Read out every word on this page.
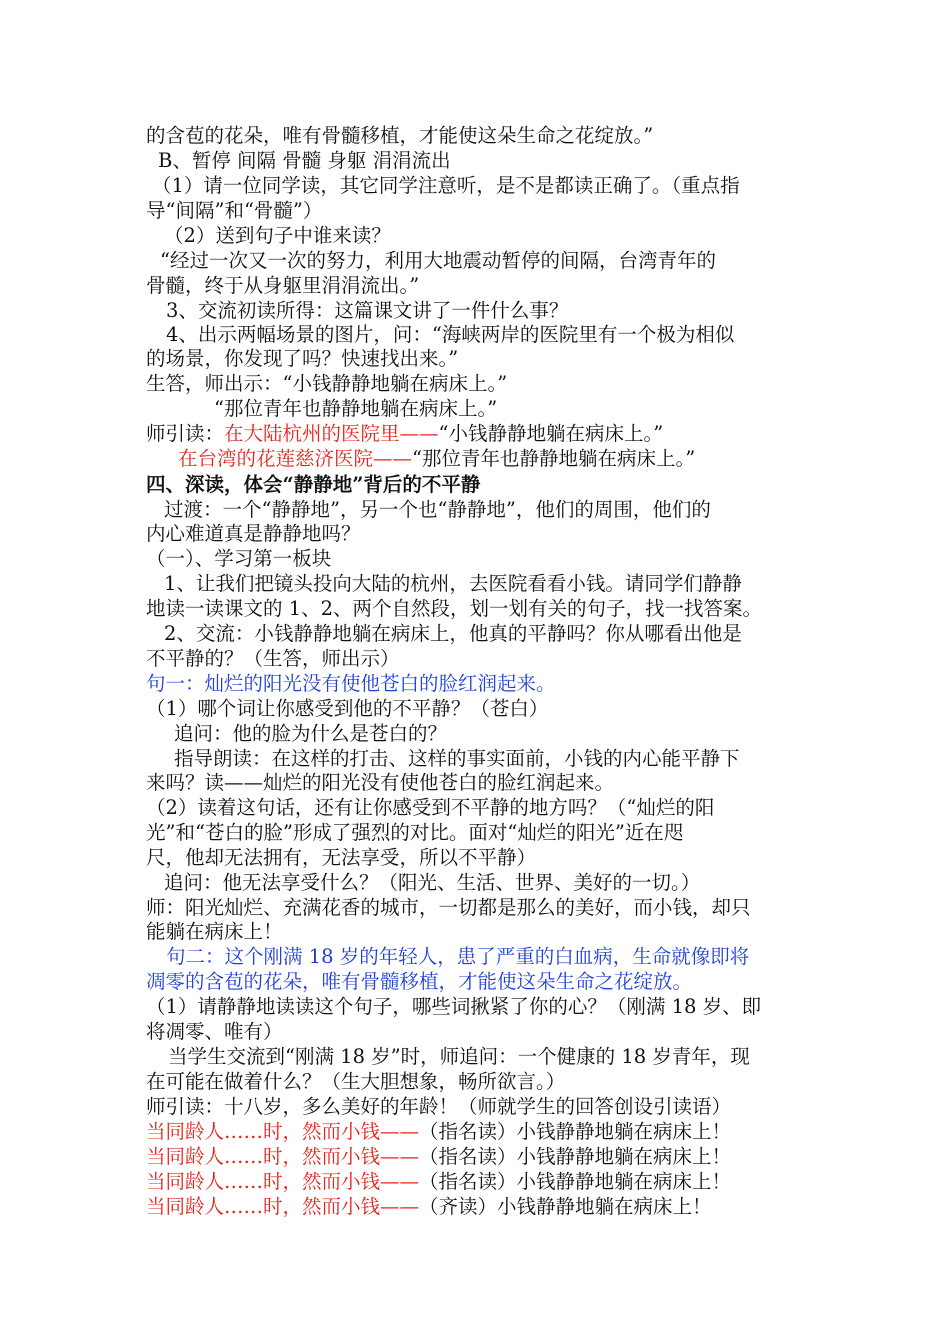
的含苞的花朵，唯有骨髓移植，才能使这朵生命之花绽放。”
B、暂停 间隔 骨髓 身躯 涓涓流出
（1）请一位同学读，其它同学注意听，是不是都读正确了。（重点指
导“间隔”和“骨髓”）
（2）送到句子中谁来读？
“经过一次又一次的努力，利用大地震动暂停的间隔，台湾青年的
骨髓，终于从身躯里涓涓流出。”
3、交流初读所得：这篇课文讲了一件什么事？
4、出示两幅场景的图片，问：“海峡两岸的医院里有一个极为相似
的场景，你发现了吗？快速找出来。”
生答，师出示：“小钱静静地躺在病床上。”
“那位青年也静静地躺在病床上。”
师引读：在大陆杭州的医院里——“小钱静静地躺在病床上。”
在台湾的花莲慈济医院——“那位青年也静静地躺在病床上。”
四、深读，体会“静静地”背后的不平静
过渡：一个“静静地”，另一个也“静静地”，他们的周围，他们的
内心难道真是静静地吗？
（一）、学习第一板块
1、让我们把镜头投向大陆的杭州，去医院看看小钱。请同学们静静
地读一读课文的 1、2、两个自然段，划一划有关的句子，找一找答案。
2、交流：小钱静静地躺在病床上，他真的平静吗？你从哪看出他是
不平静的？（生答，师出示）
句一：灿烂的阳光没有使他苍白的脸红润起来。
（1）哪个词让你感受到他的不平静？（苍白）
追问：他的脸为什么是苍白的？
指导朗读：在这样的打击、这样的事实面前，小钱的内心能平静下
来吗？读——灿烂的阳光没有使他苍白的脸红润起来。
（2）读着这句话，还有让你感受到不平静的地方吗？（“灿烂的阳
光”和“苍白的脸”形成了强烈的对比。面对“灿烂的阳光”近在咫
尺，他却无法拥有，无法享受，所以不平静）
追问：他无法享受什么？（阳光、生活、世界、美好的一切。）
师：阳光灿烂、充满花香的城市，一切都是那么的美好，而小钱，却只
能躺在病床上！
句二：这个刚满 18 岁的年轻人，患了严重的白血病，生命就像即将
凋零的含苞的花朵，唯有骨髓移植，才能使这朵生命之花绽放。
（1）请静静地读读这个句子，哪些词揪紧了你的心？（刚满 18 岁、即
将凋零、唯有）
当学生交流到“刚满 18 岁”时，师追问：一个健康的 18 岁青年，现
在可能在做着什么？（生大胆想象，畅所欲言。）
师引读：十八岁，多么美好的年龄！（师就学生的回答创设引读语）
当同龄人……时，然而小钱——（指名读）小钱静静地躺在病床上！
当同龄人……时，然而小钱——（指名读）小钱静静地躺在病床上！
当同龄人……时，然而小钱——（指名读）小钱静静地躺在病床上！
当同龄人……时，然而小钱——（齐读）小钱静静地躺在病床上！
